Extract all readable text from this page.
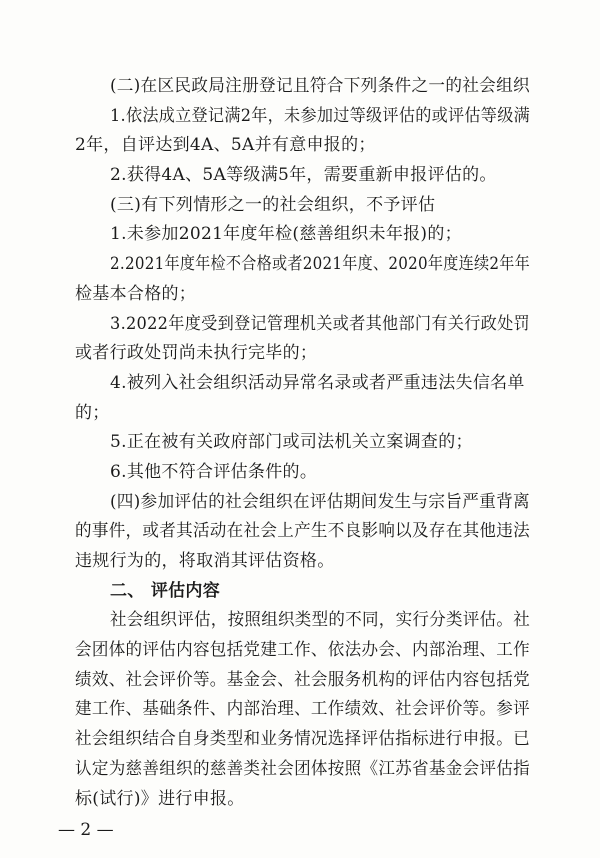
(二)在区民政局注册登记且符合下列条件之一的社会组织
1.依法成立登记满2年，未参加过等级评估的或评估等级满
2年，自评达到4A、5A并有意申报的；
2.获得4A、5A等级满5年，需要重新申报评估的。
(三)有下列情形之一的社会组织，不予评估
1.未参加2021年度年检(慈善组织未年报)的；
2.2021年度年检不合格或者2021年度、2020年度连续2年年
检基本合格的；
3.2022年度受到登记管理机关或者其他部门有关行政处罚
或者行政处罚尚未执行完毕的；
4.被列入社会组织活动异常名录或者严重违法失信名单
的；
5.正在被有关政府部门或司法机关立案调查的；
6.其他不符合评估条件的。
(四)参加评估的社会组织在评估期间发生与宗旨严重背离
的事件，或者其活动在社会上产生不良影响以及存在其他违法
违规行为的，将取消其评估资格。
二、 评估内容
社会组织评估，按照组织类型的不同，实行分类评估。社
会团体的评估内容包括党建工作、依法办会、内部治理、工作
绩效、社会评价等。基金会、社会服务机构的评估内容包括党
建工作、基础条件、内部治理、工作绩效、社会评价等。参评
社会组织结合自身类型和业务情况选择评估指标进行申报。已
认定为慈善组织的慈善类社会团体按照《江苏省基金会评估指
标(试行)》进行申报。
— 2 —
